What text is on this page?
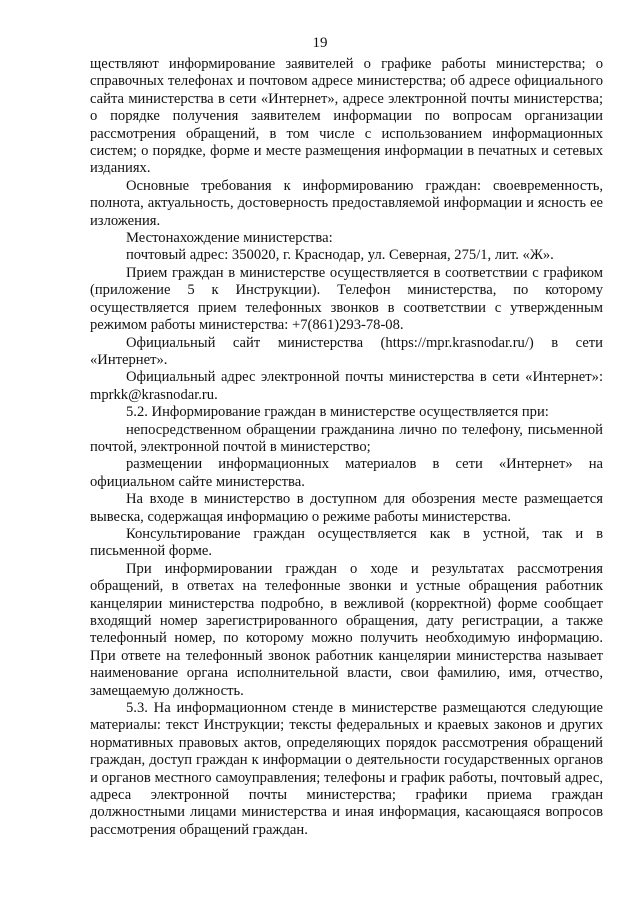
19

ществляют информирование заявителей о графике работы министерства; о справочных телефонах и почтовом адресе министерства; об адресе официального сайта министерства в сети «Интернет», адресе электронной почты министерства; о порядке получения заявителем информации по вопросам организации рассмотрения обращений, в том числе с использованием информационных систем; о порядке, форме и месте размещения информации в печатных и сетевых изданиях.

Основные требования к информированию граждан: своевременность, полнота, актуальность, достоверность предоставляемой информации и ясность ее изложения.

Местонахождение министерства:

почтовый адрес: 350020, г. Краснодар, ул. Северная, 275/1, лит. «Ж».

Прием граждан в министерстве осуществляется в соответствии с графиком (приложение 5 к Инструкции). Телефон министерства, по которому осуществляется прием телефонных звонков в соответствии с утвержденным режимом работы министерства: +7(861)293-78-08.

Официальный сайт министерства (https://mpr.krasnodar.ru/) в сети «Интернет».

Официальный адрес электронной почты министерства в сети «Интернет»: mprkk@krasnodar.ru.

5.2. Информирование граждан в министерстве осуществляется при:

непосредственном обращении гражданина лично по телефону, письменной почтой, электронной почтой в министерство;

размещении информационных материалов в сети «Интернет» на официальном сайте министерства.

На входе в министерство в доступном для обозрения месте размещается вывеска, содержащая информацию о режиме работы министерства.

Консультирование граждан осуществляется как в устной, так и в письменной форме.

При информировании граждан о ходе и результатах рассмотрения обращений, в ответах на телефонные звонки и устные обращения работник канцелярии министерства подробно, в вежливой (корректной) форме сообщает входящий номер зарегистрированного обращения, дату регистрации, а также телефонный номер, по которому можно получить необходимую информацию. При ответе на телефонный звонок работник канцелярии министерства называет наименование органа исполнительной власти, свои фамилию, имя, отчество, замещаемую должность.

5.3. На информационном стенде в министерстве размещаются следующие материалы: текст Инструкции; тексты федеральных и краевых законов и других нормативных правовых актов, определяющих порядок рассмотрения обращений граждан, доступ граждан к информации о деятельности государственных органов и органов местного самоуправления; телефоны и график работы, почтовый адрес, адреса электронной почты министерства; графики приема граждан должностными лицами министерства и иная информация, касающаяся вопросов рассмотрения обращений граждан.
